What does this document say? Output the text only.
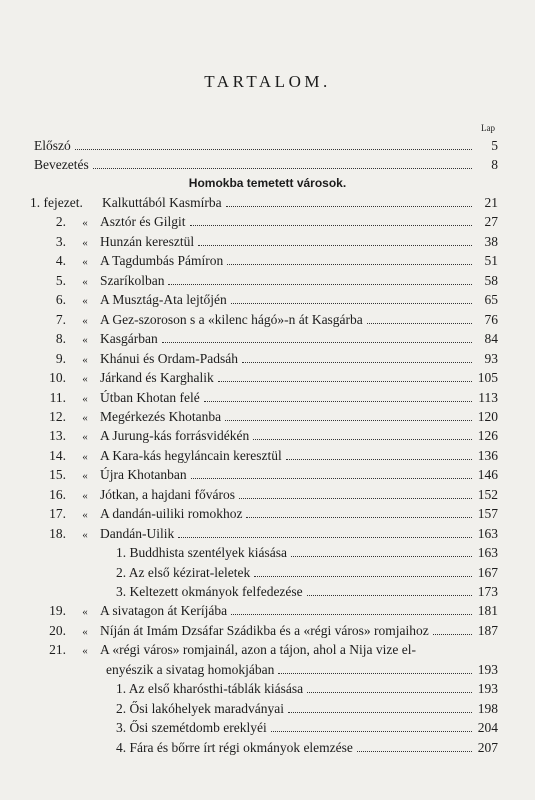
TARTALOM.
Lap
Homokba temetett városok.
Előszó	5
Bevezetés	8
1. fejezet.	Kalkuttából Kasmírba	21
2.	« Asztór és Gilgit	27
3.	« Hunzán keresztül	38
4.	« A Tagdumbás Pámíron	51
5.	« Szaríkolban	58
6.	« A Musztág-Ata lejtőjén	65
7.	« A Gez-szoroson s a «kilenc hágó»-n át Kasgárba	76
8.	« Kasgárban	84
9.	« Khánui és Ordam-Padsáh	93
10.	« Járkand és Karghalik	105
11.	« Útban Khotan felé	113
12.	« Megérkezés Khotanba	120
13.	« A Jurung-kás forrásvidékén	126
14.	« A Kara-kás hegyláncain keresztül	136
15.	« Újra Khotanban	146
16.	« Jótkan, a hajdani főváros	152
17.	« A dandán-uiliki romokhoz	157
18.	« Dandán-Uilik	163
1. Buddhista szentélyek kiásása	163
2. Az első kézirat-leletek	167
3. Keltezett okmányok felfedezése	173
19.	« A sivatagon át Keríjába	181
20.	« Níján át Imám Dzsáfar Szádikba és a «régi város» romjaihoz	187
21.	« A «régi város» romjainál, azon a tájon, ahol a Nija vize el-
enyészik a sivatag homokjában	193
1. Az első kharósthi-táblák kiásása	193
2. Ősi lakóhelyek maradványai	198
3. Ősi szemétdomb ereklyéi	204
4. Fára és bőrre írt régi okmányok elemzése	207
